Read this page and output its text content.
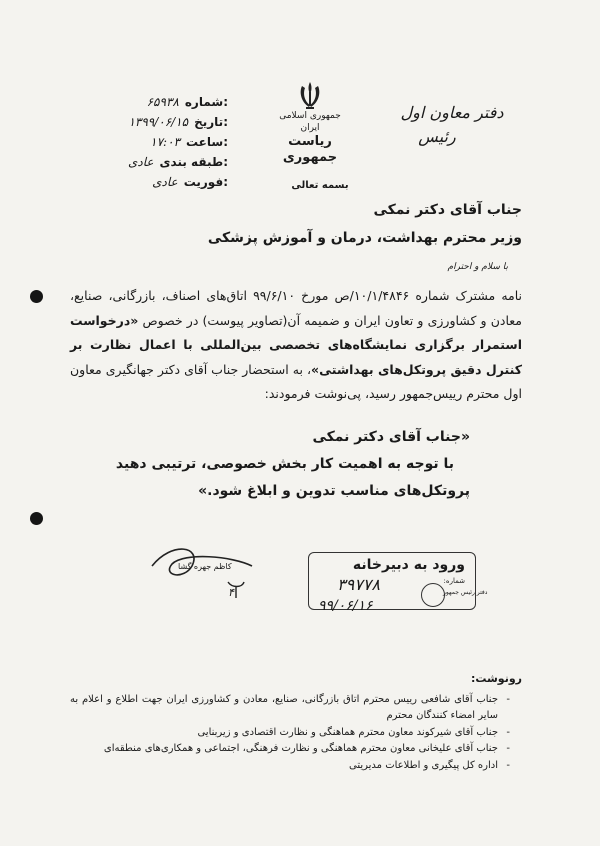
شماره:
۶۵۹۳۸
تاریخ:
۱۳۹۹/۰۶/۱۵
ساعت:
۱۷:۰۳
طبقه بندی:
عادی
فوریت:
عادی
جمهوری اسلامی ایران
ریاست جمهوری
بسمه تعالی
دفتر معاون اول
رئیس
جناب آقای دکتر نمکی
وزیر محترم بهداشت، درمان و آموزش پزشکی
با سلام و احترام
نامه مشترک شماره ۱۰/۱/۴۸۴۶/ص مورخ ۹۹/۶/۱۰ اتاق‌های اصناف، بازرگانی، صنایع، معادن و کشاورزی و تعاون ایران و ضمیمه آن(تصاویر پیوست) در خصوص «درخواست استمرار برگزاری نمایشگاه‌های تخصصی بین‌المللی با اعمال نظارت بر کنترل دقیق پروتکل‌های بهداشتی»، به استحضار جناب آقای دکتر جهانگیری معاون اول محترم رییس‌جمهور رسید، پی‌نوشت فرمودند:
«جناب آقای دکتر نمکی
با توجه به اهمیت کار بخش خصوصی، ترتیبی دهید
پروتکل‌های مناسب تدوین و ابلاغ شود.»
کاظم جهره گشا
۴
ورود به دبیرخانه
شماره:
۳۹۷۷۸	دفتر رئیس جمهور
۹۹/۰۶/۱۶
رونوشت:
- جناب آقای شافعی رییس محترم اتاق بازرگانی، صنایع، معادن و کشاورزی ایران جهت اطلاع و اعلام به سایر امضاء کنندگان محترم
- جناب آقای شیرکوند معاون محترم هماهنگی و نظارت اقتصادی و زیربنایی
- جناب آقای علیخانی معاون محترم هماهنگی و نظارت فرهنگی، اجتماعی و همکاری‌های منطقه‌ای
- اداره کل پیگیری و اطلاعات مدیریتی
